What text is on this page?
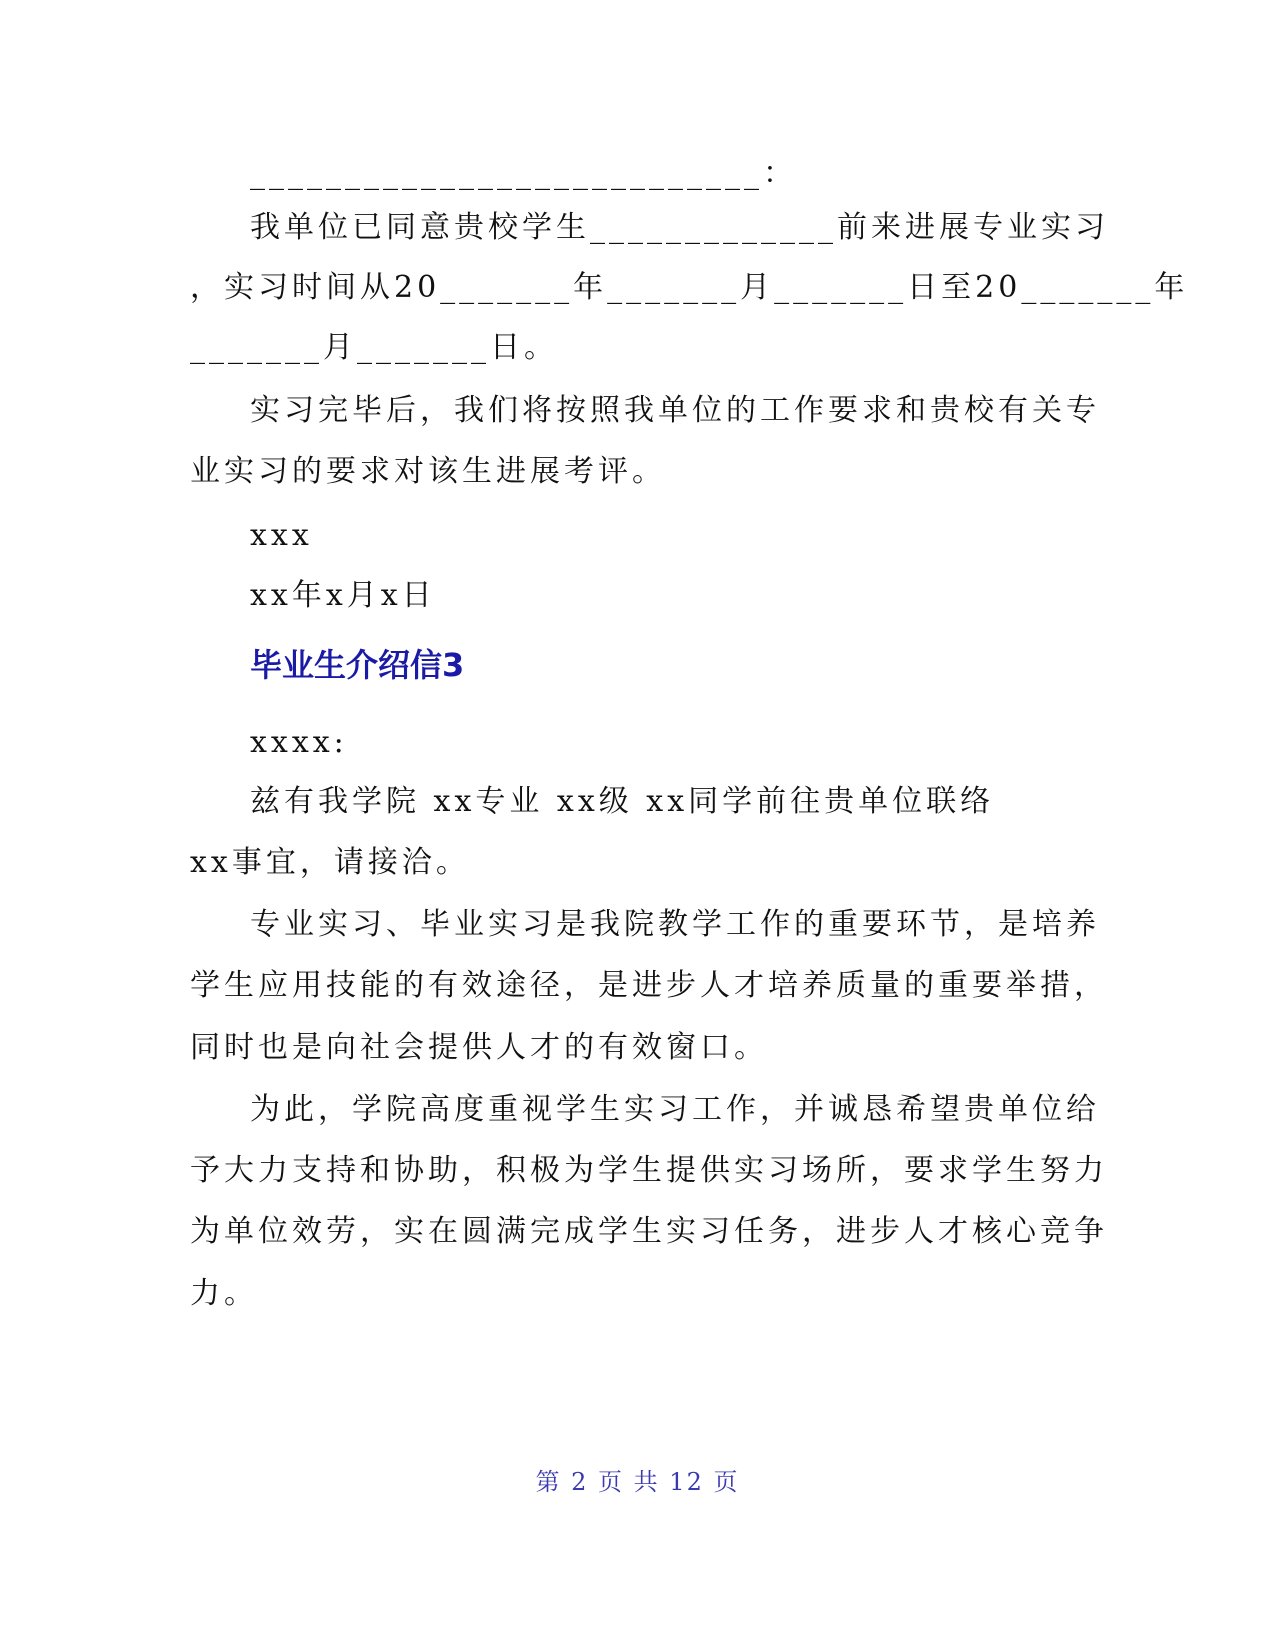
___________________________：
我单位已同意贵校学生_____________前来进展专业实习
，实习时间从20_______年_______月_______日至20_______年
_______月_______日。
实习完毕后，我们将按照我单位的工作要求和贵校有关专
业实习的要求对该生进展考评。
xxx
xx年x月x日
毕业生介绍信3
xxxx:
兹有我学院 xx专业 xx级 xx同学前往贵单位联络
xx事宜，请接洽。
专业实习、毕业实习是我院教学工作的重要环节，是培养
学生应用技能的有效途径，是进步人才培养质量的重要举措，
同时也是向社会提供人才的有效窗口。
为此，学院高度重视学生实习工作，并诚恳希望贵单位给
予大力支持和协助，积极为学生提供实习场所，要求学生努力
为单位效劳，实在圆满完成学生实习任务，进步人才核心竞争
力。
第 2 页 共 12 页
